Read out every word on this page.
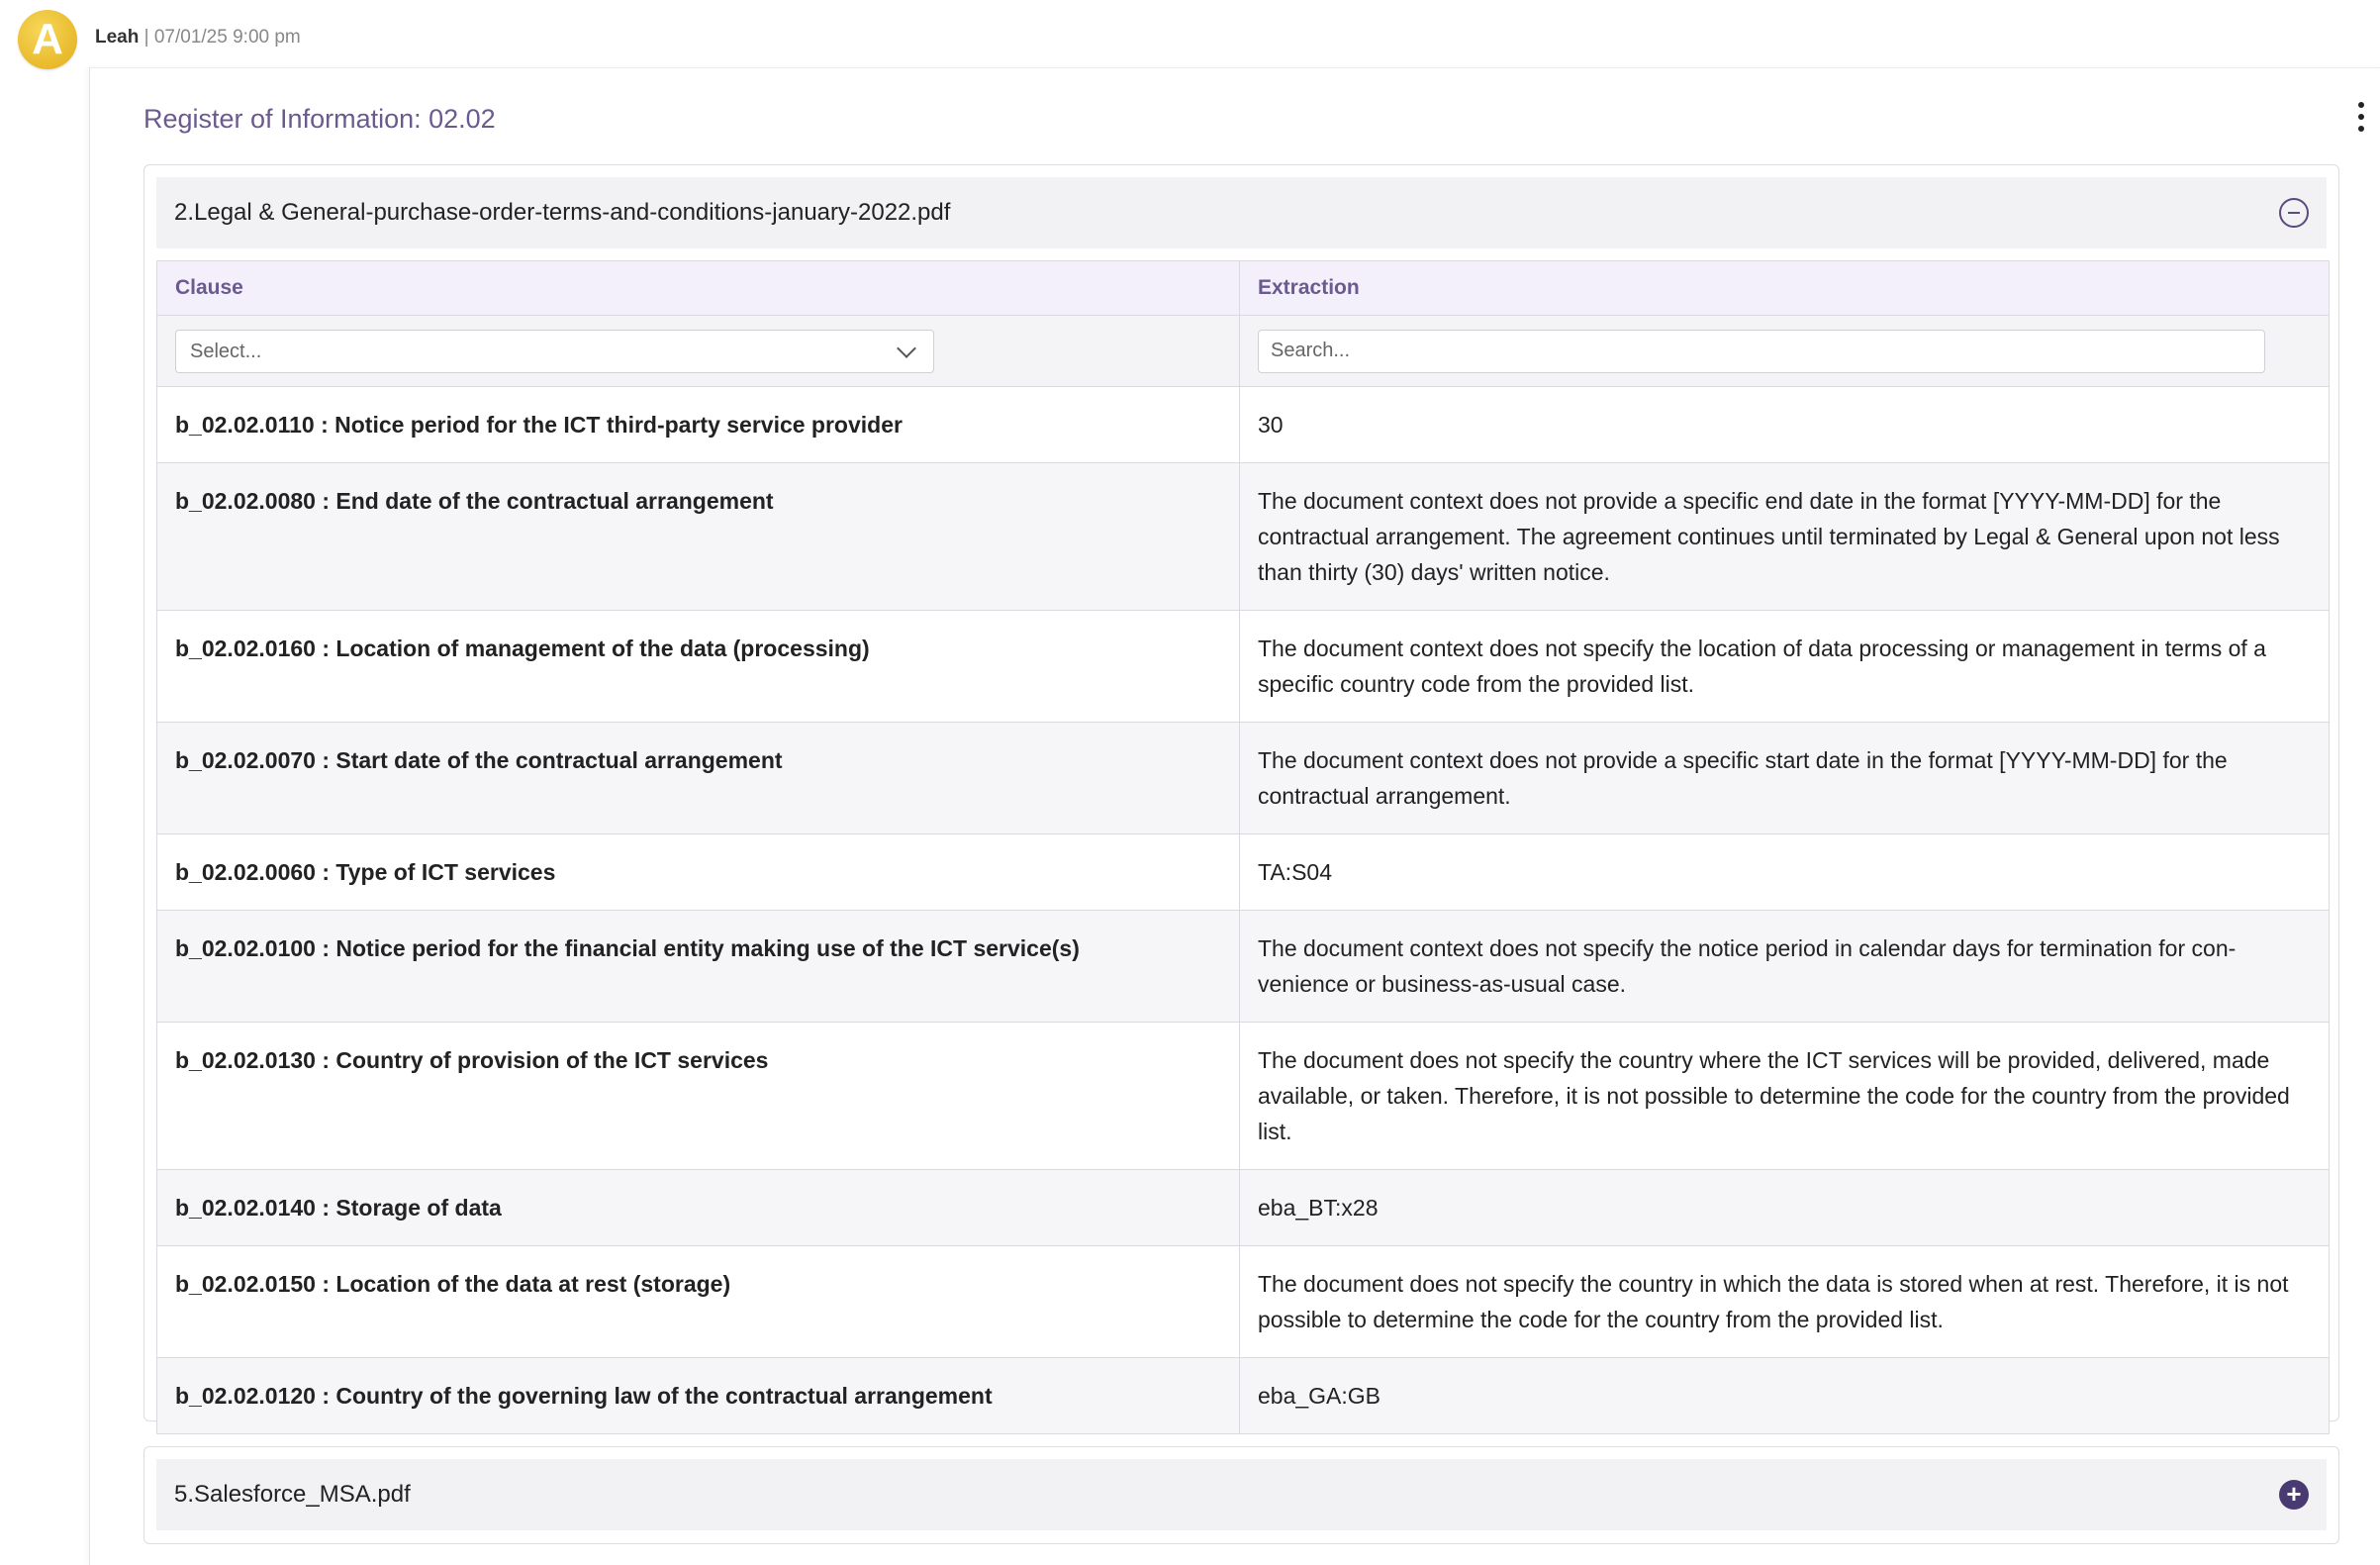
A Leah | 07/01/25 9:00 pm
Register of Information: 02.02
2.Legal & General-purchase-order-terms-and-conditions-january-2022.pdf
Clause	Extraction

Select...
	Search...
b_02.02.0110 : Notice period for the ICT third-party service provider	30
b_02.02.0080 : End date of the contractual arrangement	The document context does not provide a specific end date in the format [YYYY-MM-DD] for the contractual arrangement. The agreement continues until terminated by Legal & General upon not less than thirty (30) days' written notice.
b_02.02.0160 : Location of management of the data (processing)	The document context does not specify the location of data processing or management in terms of a specific country code from the provided list.
b_02.02.0070 : Start date of the contractual arrangement	The document context does not provide a specific start date in the format [YYYY-MM-DD] for the contractual arrangement.
b_02.02.0060 : Type of ICT services	TA:S04
b_02.02.0100 : Notice period for the financial entity making use of the ICT service(s)	The document context does not specify the notice period in calendar days for termination for con-venience or business-as-usual case.
b_02.02.0130 : Country of provision of the ICT services	The document does not specify the country where the ICT services will be provided, delivered, made available, or taken. Therefore, it is not possible to determine the code for the country from the provided list.
b_02.02.0140 : Storage of data	eba_BT:x28
b_02.02.0150 : Location of the data at rest (storage)	The document does not specify the country in which the data is stored when at rest. Therefore, it is not possible to determine the code for the country from the provided list.
b_02.02.0120 : Country of the governing law of the contractual arrangement	eba_GA:GB
5.Salesforce_MSA.pdf
+
